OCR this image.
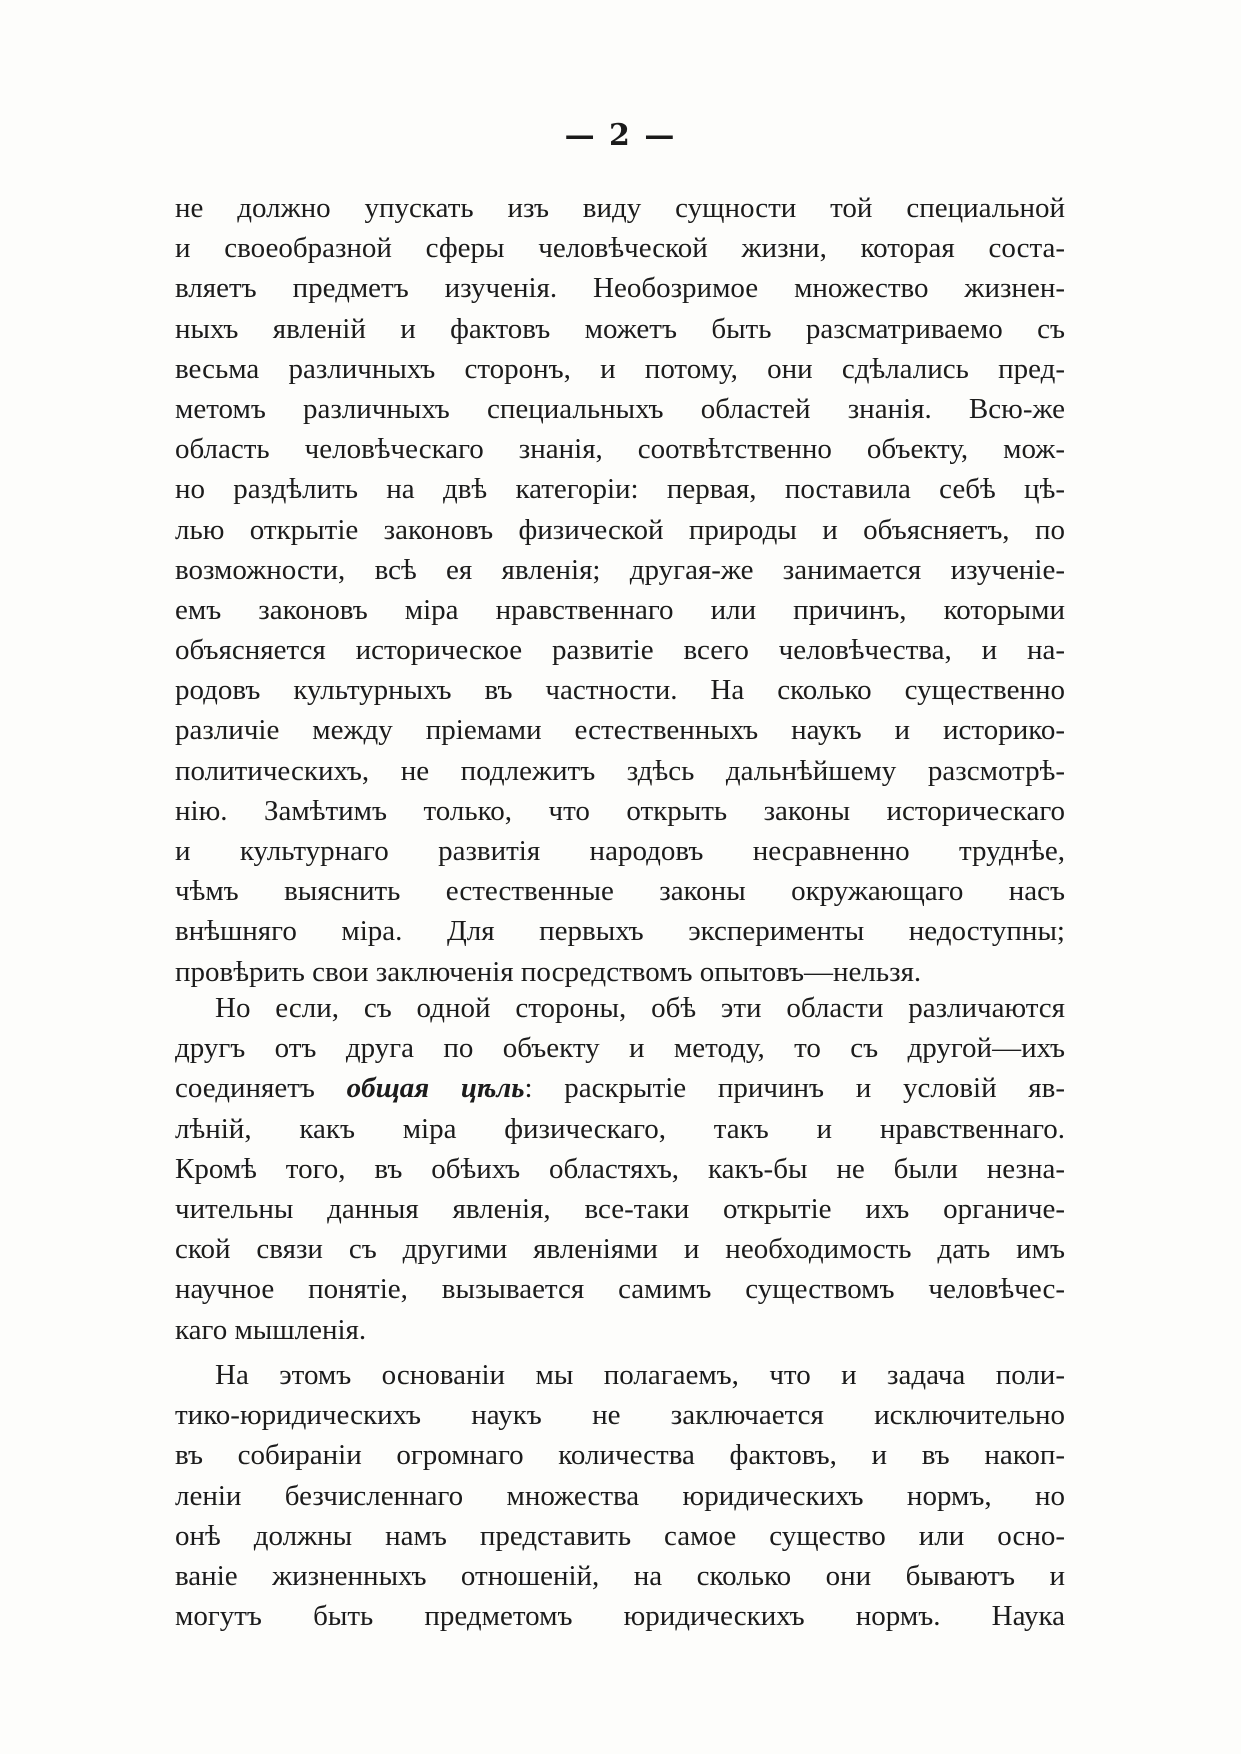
— 2 —
не должно упускать изъ виду сущности той специальной
и своеобразной сферы человѣческой жизни, которая соста-
вляетъ предметъ изученія. Необозримое множество жизнен-
ныхъ явленій и фактовъ можетъ быть разсматриваемо съ
весьма различныхъ сторонъ, и потому, они сдѣлались пред-
метомъ различныхъ специальныхъ областей знанія. Всю-же
область человѣческаго знанія, соотвѣтственно объекту, мож-
но раздѣлить на двѣ категоріи: первая, поставила себѣ цѣ-
лью открытіе законовъ физической природы и объясняетъ, по
возможности, всѣ ея явленія; другая-же занимается изученіе-
емъ законовъ міра нравственнаго или причинъ, которыми
объясняется историческое развитіе всего человѣчества, и на-
родовъ культурныхъ въ частности. На сколько существенно
различіе между пріемами естественныхъ наукъ и историко-
политическихъ, не подлежитъ здѣсь дальнѣйшему разсмотрѣ-
нію. Замѣтимъ только, что открыть законы историческаго
и культурнаго развитія народовъ несравненно труднѣе,
чѣмъ выяснить естественные законы окружающаго насъ
внѣшняго міра. Для первыхъ эксперименты недоступны;
провѣрить свои заключенія посредствомъ опытовъ—нельзя.
Но если, съ одной стороны, обѣ эти области различаются
другъ отъ друга по объекту и методу, то съ другой—ихъ
соединяетъ общая цѣль: раскрытіе причинъ и условій яв-
лѣній, какъ міра физическаго, такъ и нравственнаго.
Кромѣ того, въ обѣихъ областяхъ, какъ-бы не были незна-
чительны данныя явленія, все-таки открытіе ихъ органиче-
ской связи съ другими явленіями и необходимость дать имъ
научное понятіе, вызывается самимъ существомъ человѣчес-
каго мышленія.
На этомъ основаніи мы полагаемъ, что и задача поли-
тико-юридическихъ наукъ не заключается исключительно
въ собираніи огромнаго количества фактовъ, и въ накоп-
леніи безчисленнаго множества юридическихъ нормъ, но
онѣ должны намъ представить самое существо или осно-
ваніе жизненныхъ отношеній, на сколько они бываютъ и
могутъ быть предметомъ юридическихъ нормъ. Наука
